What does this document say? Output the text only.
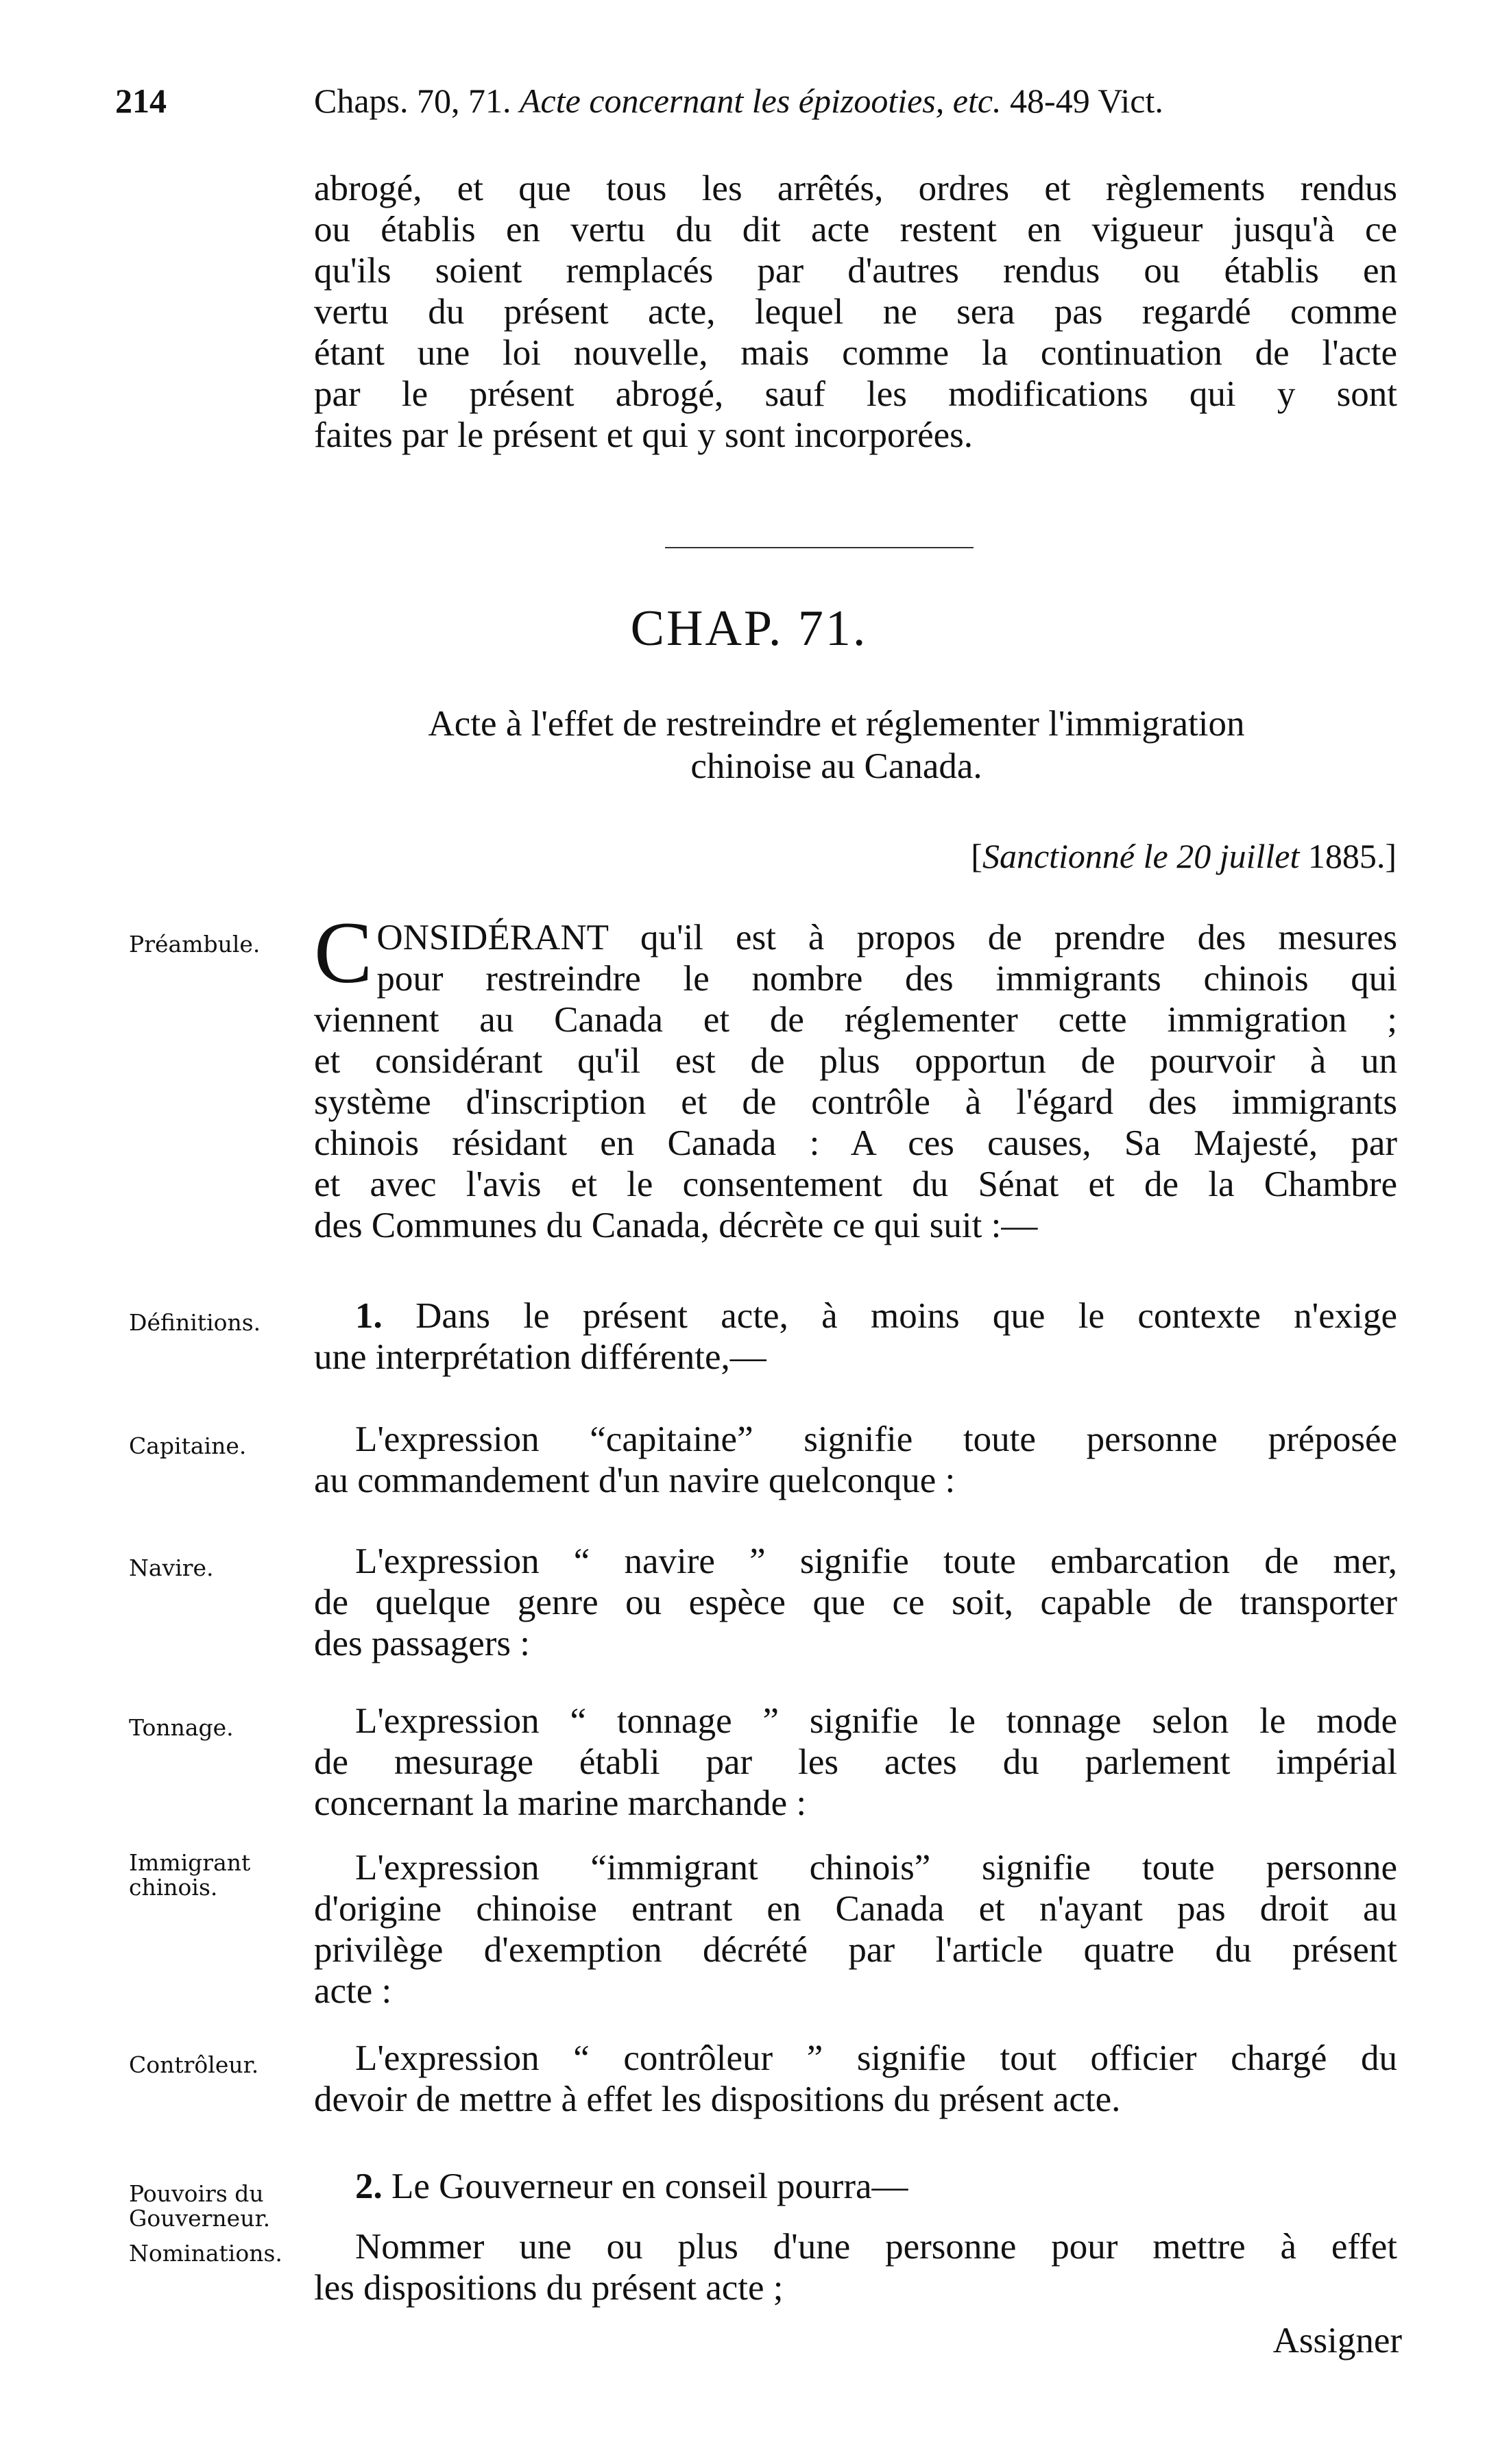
214	Chaps. 70, 71. Acte concernant les épizooties, etc. 48-49 Vict.

abrogé, et que tous les arrêtés, ordres et règlements rendus
ou établis en vertu du dit acte restent en vigueur jusqu'à ce
qu'ils soient remplacés par d'autres rendus ou établis en
vertu du présent acte, lequel ne sera pas regardé comme
étant une loi nouvelle, mais comme la continuation de l'acte
par le présent abrogé, sauf les modifications qui y sont
faites par le présent et qui y sont incorporées.

CHAP. 71.
Acte à l'effet de restreindre et réglementer l'immigration
chinoise au Canada.
[Sanctionné le 20 juillet 1885.]
Préambule.
Définitions.
Capitaine.
Navire.
Tonnage.
Immigrant
chinois.
Contrôleur.
Pouvoirs du
Gouverneur.
Nominations.

C ONSIDÉRANT qu'il est à propos de prendre des mesures
pour restreindre le nombre des immigrants chinois qui
viennent au Canada et de réglementer cette immigration ;
et considérant qu'il est de plus opportun de pourvoir à un
système d'inscription et de contrôle à l'égard des immigrants
chinois résidant en Canada : A ces causes, Sa Majesté, par
et avec l'avis et le consentement du Sénat et de la Chambre
des Communes du Canada, décrète ce qui suit :—

1. Dans le présent acte, à moins que le contexte n'exige
une interprétation différente,—

L'expression “capitaine” signifie toute personne préposée
au commandement d'un navire quelconque :

L'expression “ navire ” signifie toute embarcation de mer,
de quelque genre ou espèce que ce soit, capable de transporter
des passagers :

L'expression “ tonnage ” signifie le tonnage selon le mode
de mesurage établi par les actes du parlement impérial
concernant la marine marchande :

L'expression “immigrant chinois” signifie toute personne
d'origine chinoise entrant en Canada et n'ayant pas droit au
privilège d'exemption décrété par l'article quatre du présent
acte :

L'expression “ contrôleur ” signifie tout officier chargé du
devoir de mettre à effet les dispositions du présent acte.

2. Le Gouverneur en conseil pourra—

Nommer une ou plus d'une personne pour mettre à effet
les dispositions du présent acte ;

Assigner
